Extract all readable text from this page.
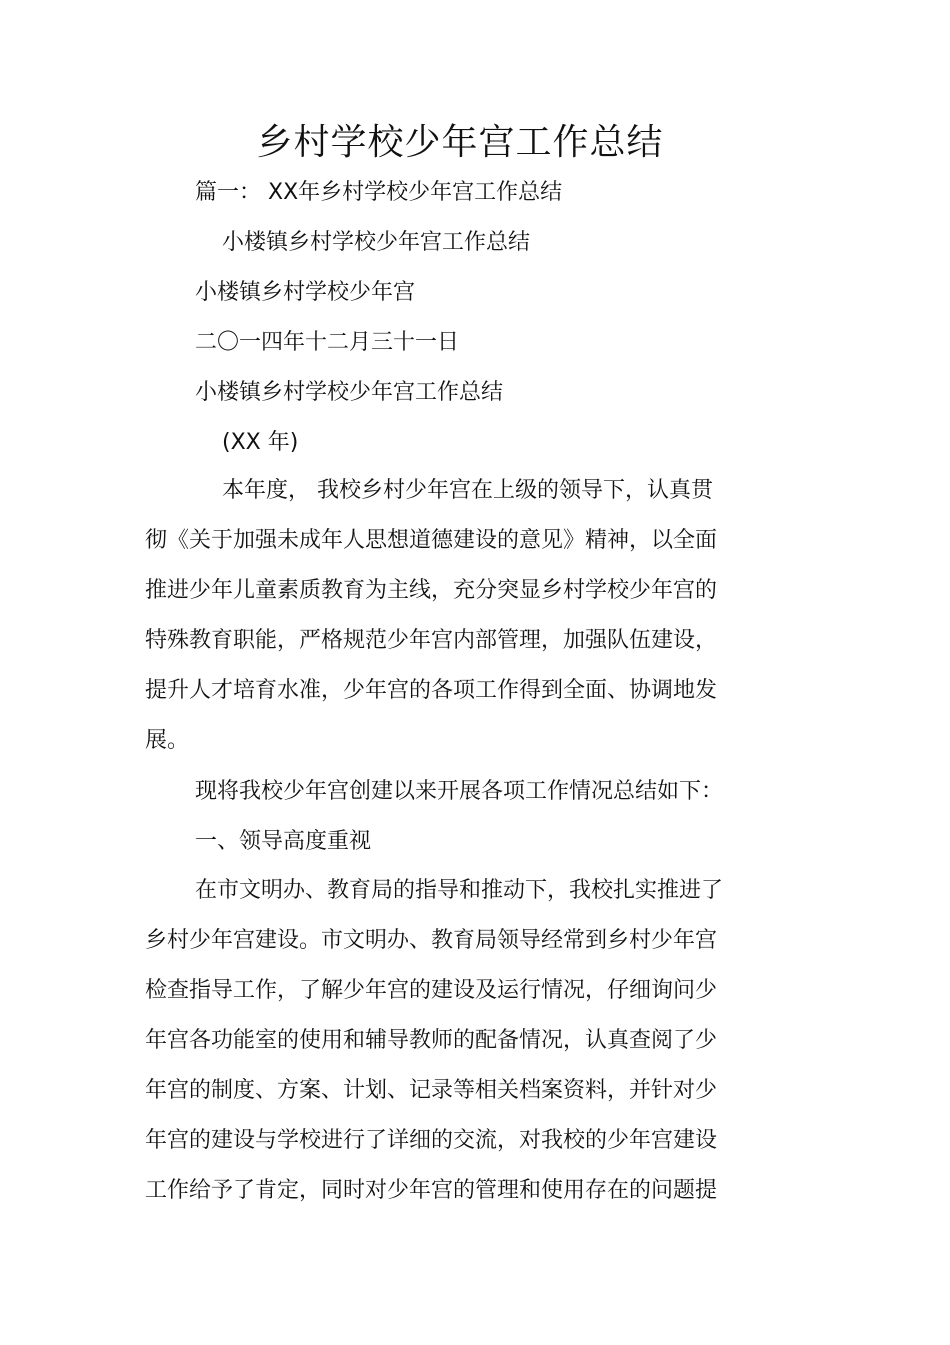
乡村学校少年宫工作总结
篇一： XX年乡村学校少年宫工作总结
小楼镇乡村学校少年宫工作总结
小楼镇乡村学校少年宫
二〇一四年十二月三十一日
小楼镇乡村学校少年宫工作总结
(XX 年)
本年度， 我校乡村少年宫在上级的领导下，认真贯
彻《关于加强未成年人思想道德建设的意见》精神，以全面
推进少年儿童素质教育为主线，充分突显乡村学校少年宫的
特殊教育职能，严格规范少年宫内部管理，加强队伍建设，
提升人才培育水准，少年宫的各项工作得到全面、协调地发
展。
现将我校少年宫创建以来开展各项工作情况总结如下：
一、领导高度重视
在市文明办、教育局的指导和推动下，我校扎实推进了
乡村少年宫建设。市文明办、教育局领导经常到乡村少年宫
检查指导工作，了解少年宫的建设及运行情况，仔细询问少
年宫各功能室的使用和辅导教师的配备情况，认真查阅了少
年宫的制度、方案、计划、记录等相关档案资料，并针对少
年宫的建设与学校进行了详细的交流，对我校的少年宫建设
工作给予了肯定，同时对少年宫的管理和使用存在的问题提
